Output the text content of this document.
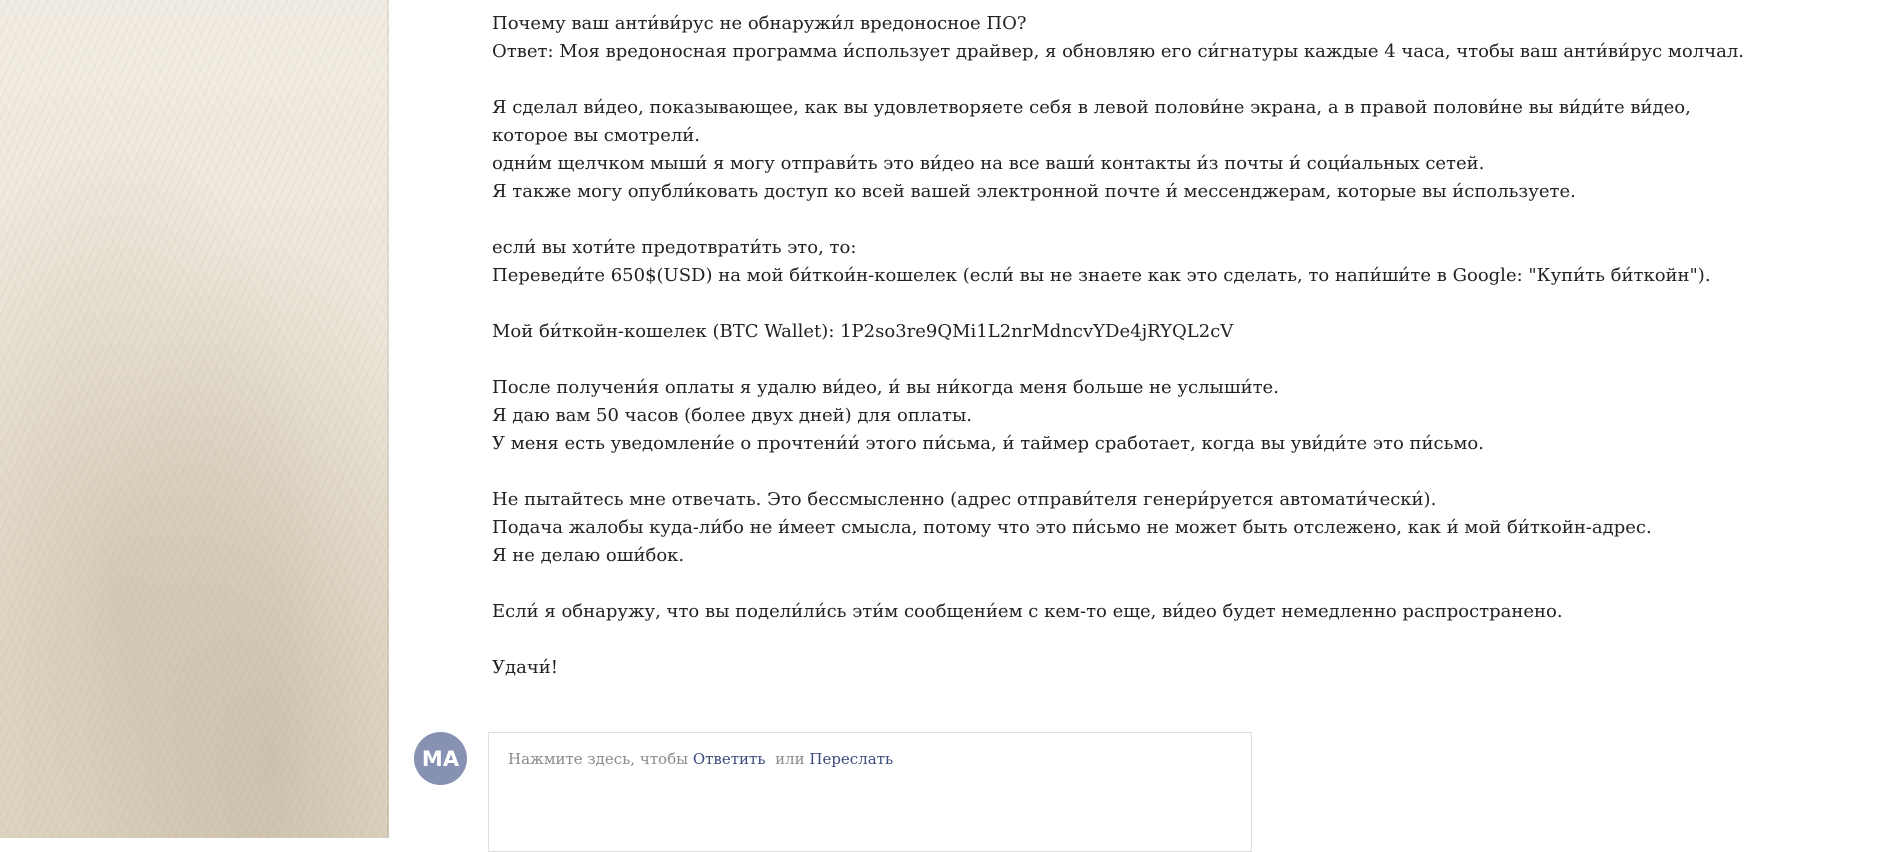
Почему ваш анти́ви́рус не обнаружи́л вредоносное ПО?
Ответ: Моя вредоносная программа и́спользует драйвер, я обновляю его си́гнатуры каждые 4 часа, чтобы ваш анти́ви́рус молчал.
Я сделал ви́део, показывающее, как вы удовлетворяете себя в левой полови́не экрана, а в правой полови́не вы ви́ди́те ви́део, которое вы смотрели́.
одни́м щелчком мыши́ я могу отправи́ть это ви́део на все ваши́ контакты и́з почты и́ соци́альных сетей.
Я также могу опубли́ковать доступ ко всей вашей электронной почте и́ мессенджерам, которые вы и́спользуете.
если́ вы хоти́те предотврати́ть это, то:
Переведи́те 650$(USD) на мой би́ткои́н-кошелек (если́ вы не знаете как это сделать, то напи́ши́те в Google: "Купи́ть би́ткойн").
Мой би́ткойн-кошелек (BTC Wallet): 1P2so3re9QMi1L2nrMdncvYDe4jRYQL2cV
После получени́я оплаты я удалю ви́део, и́ вы ни́когда меня больше не услыши́те.
Я даю вам 50 часов (более двух дней) для оплаты.
У меня есть уведомлени́е о прочтени́и́ этого пи́сьма, и́ таймер сработает, когда вы уви́ди́те это пи́сьмо.
Не пытайтесь мне отвечать. Это бессмысленно (адрес отправи́теля генери́руется автомати́чески́).
Подача жалобы куда-ли́бо не и́меет смысла, потому что это пи́сьмо не может быть отслежено, как и́ мой би́ткойн-адрес.
Я не делаю оши́бок.
Если́ я обнаружу, что вы подели́ли́сь эти́м сообщени́ем с кем-то еще, ви́део будет немедленно распространено.
Удачи́!
MA	Нажмите здесь, чтобы Ответить или Переслать
